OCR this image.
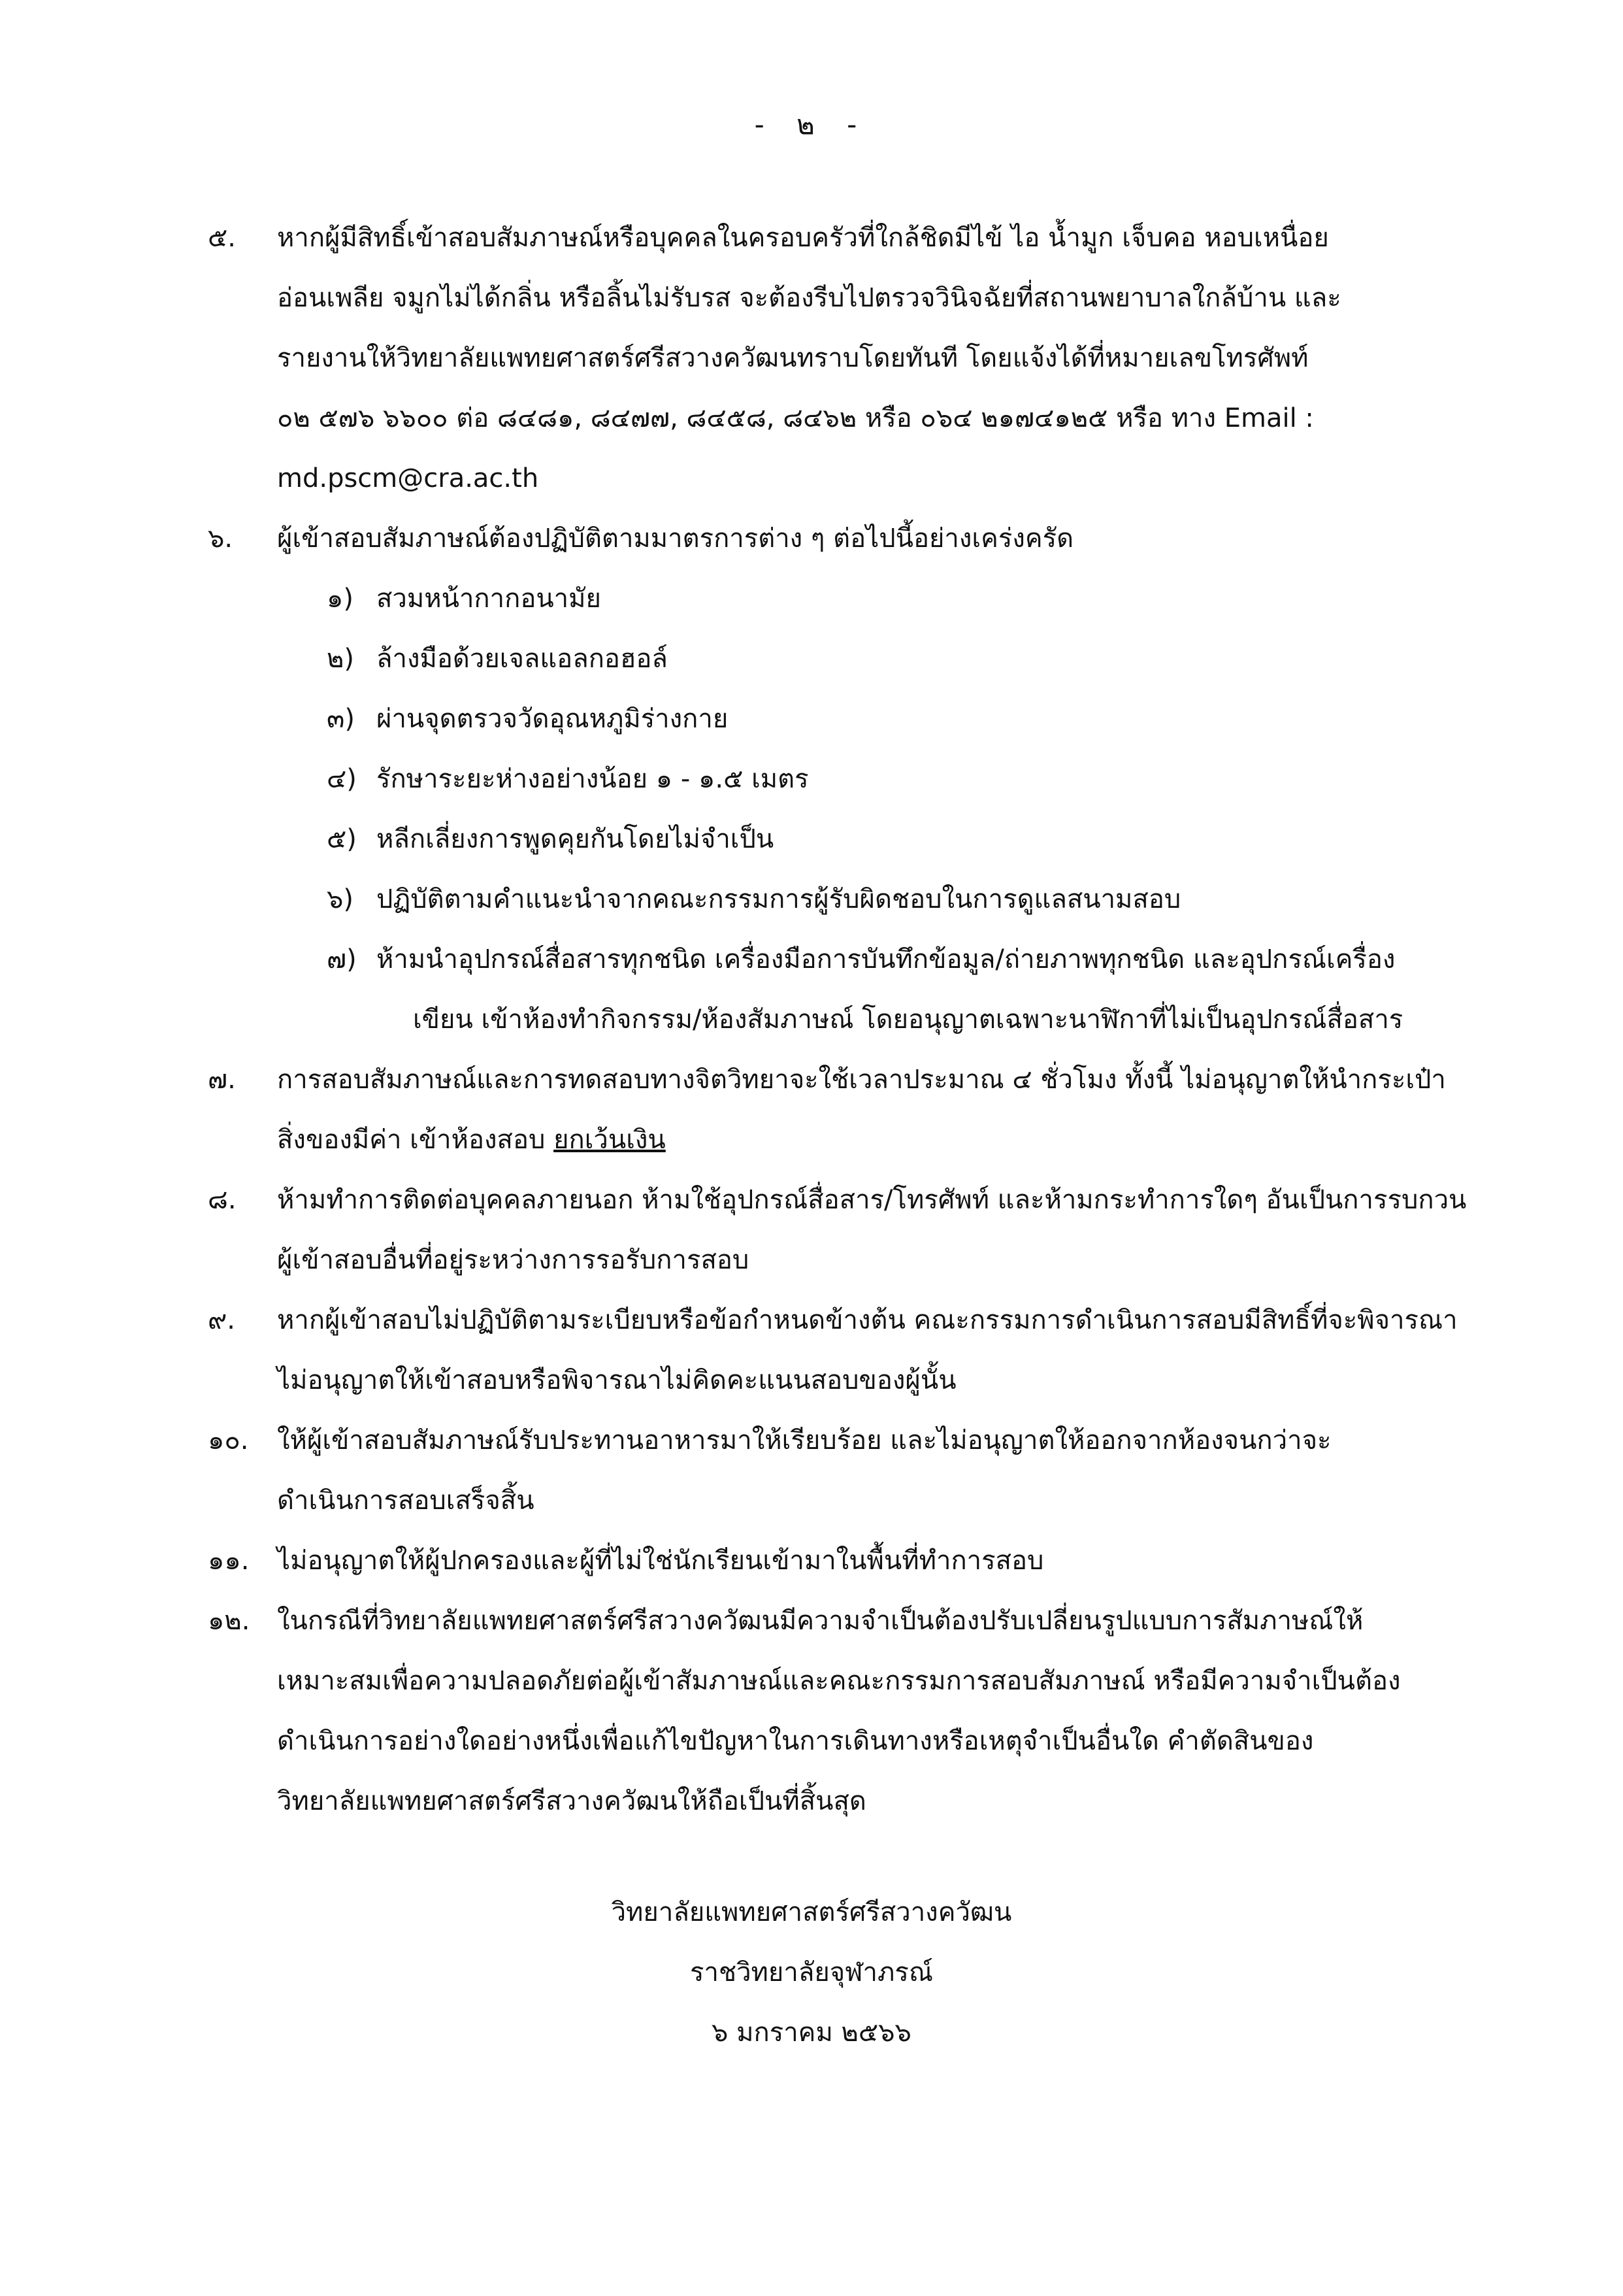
- ๒ -
๕. หากผู้มีสิทธิ์เข้าสอบสัมภาษณ์หรือบุคคลในครอบครัวที่ใกล้ชิดมีไข้ ไอ น้ำมูก เจ็บคอ หอบเหนื่อย
อ่อนเพลีย จมูกไม่ได้กลิ่น หรือลิ้นไม่รับรส จะต้องรีบไปตรวจวินิจฉัยที่สถานพยาบาลใกล้บ้าน และ
รายงานให้วิทยาลัยแพทยศาสตร์ศรีสวางควัฒนทราบโดยทันที โดยแจ้งได้ที่หมายเลขโทรศัพท์
๐๒ ๕๗๖ ๖๖๐๐ ต่อ ๘๔๘๑, ๘๔๗๗, ๘๔๕๘, ๘๔๖๒ หรือ ๐๖๔ ๒๑๗๔๑๒๕ หรือ ทาง Email :
md.pscm@cra.ac.th
๖. ผู้เข้าสอบสัมภาษณ์ต้องปฏิบัติตามมาตรการต่าง ๆ ต่อไปนี้อย่างเคร่งครัด
๑) สวมหน้ากากอนามัย
๒) ล้างมือด้วยเจลแอลกอฮอล์
๓) ผ่านจุดตรวจวัดอุณหภูมิร่างกาย
๔) รักษาระยะห่างอย่างน้อย ๑ - ๑.๕ เมตร
๕) หลีกเลี่ยงการพูดคุยกันโดยไม่จำเป็น
๖) ปฏิบัติตามคำแนะนำจากคณะกรรมการผู้รับผิดชอบในการดูแลสนามสอบ
๗) ห้ามนำอุปกรณ์สื่อสารทุกชนิด เครื่องมือการบันทึกข้อมูล/ถ่ายภาพทุกชนิด และอุปกรณ์เครื่อง
เขียน เข้าห้องทำกิจกรรม/ห้องสัมภาษณ์ โดยอนุญาตเฉพาะนาฬิกาที่ไม่เป็นอุปกรณ์สื่อสาร
๗. การสอบสัมภาษณ์และการทดสอบทางจิตวิทยาจะใช้เวลาประมาณ ๔ ชั่วโมง ทั้งนี้ ไม่อนุญาตให้นำกระเป๋า
สิ่งของมีค่า เข้าห้องสอบ ยกเว้นเงิน
๘. ห้ามทำการติดต่อบุคคลภายนอก ห้ามใช้อุปกรณ์สื่อสาร/โทรศัพท์ และห้ามกระทำการใดๆ อันเป็นการรบกวน
ผู้เข้าสอบอื่นที่อยู่ระหว่างการรอรับการสอบ
๙. หากผู้เข้าสอบไม่ปฏิบัติตามระเบียบหรือข้อกำหนดข้างต้น คณะกรรมการดำเนินการสอบมีสิทธิ์ที่จะพิจารณา
ไม่อนุญาตให้เข้าสอบหรือพิจารณาไม่คิดคะแนนสอบของผู้นั้น
๑๐. ให้ผู้เข้าสอบสัมภาษณ์รับประทานอาหารมาให้เรียบร้อย และไม่อนุญาตให้ออกจากห้องจนกว่าจะ
ดำเนินการสอบเสร็จสิ้น
๑๑. ไม่อนุญาตให้ผู้ปกครองและผู้ที่ไม่ใช่นักเรียนเข้ามาในพื้นที่ทำการสอบ
๑๒. ในกรณีที่วิทยาลัยแพทยศาสตร์ศรีสวางควัฒนมีความจำเป็นต้องปรับเปลี่ยนรูปแบบการสัมภาษณ์ให้
เหมาะสมเพื่อความปลอดภัยต่อผู้เข้าสัมภาษณ์และคณะกรรมการสอบสัมภาษณ์ หรือมีความจำเป็นต้อง
ดำเนินการอย่างใดอย่างหนึ่งเพื่อแก้ไขปัญหาในการเดินทางหรือเหตุจำเป็นอื่นใด คำตัดสินของ
วิทยาลัยแพทยศาสตร์ศรีสวางควัฒนให้ถือเป็นที่สิ้นสุด
วิทยาลัยแพทยศาสตร์ศรีสวางควัฒน
ราชวิทยาลัยจุฬาภรณ์
๖ มกราคม ๒๕๖๖
